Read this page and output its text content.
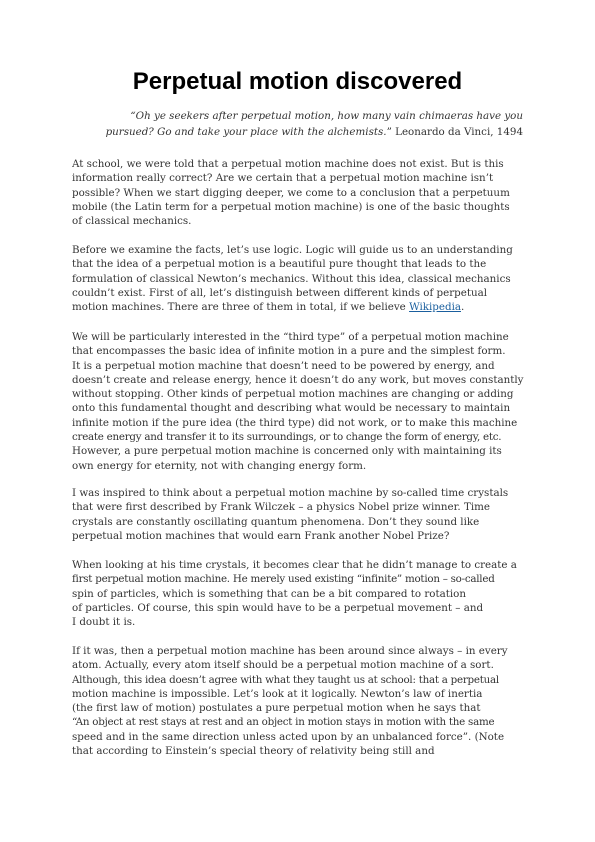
Perpetual motion discovered

“Oh ye seekers after perpetual motion, how many vain chimaeras have you
pursued? Go and take your place with the alchemists.” Leonardo da Vinci, 1494

At school, we were told that a perpetual motion machine does not exist. But is this
information really correct? Are we certain that a perpetual motion machine isn’t
possible? When we start digging deeper, we come to a conclusion that a perpetuum
mobile (the Latin term for a perpetual motion machine) is one of the basic thoughts
of classical mechanics.

Before we examine the facts, let’s use logic. Logic will guide us to an understanding
that the idea of a perpetual motion is a beautiful pure thought that leads to the
formulation of classical Newton’s mechanics. Without this idea, classical mechanics
couldn’t exist. First of all, let’s distinguish between different kinds of perpetual
motion machines. There are three of them in total, if we believe Wikipedia.

We will be particularly interested in the “third type” of a perpetual motion machine
that encompasses the basic idea of infinite motion in a pure and the simplest form.
It is a perpetual motion machine that doesn’t need to be powered by energy, and
doesn’t create and release energy, hence it doesn’t do any work, but moves constantly
without stopping. Other kinds of perpetual motion machines are changing or adding
onto this fundamental thought and describing what would be necessary to maintain
infinite motion if the pure idea (the third type) did not work, or to make this machine
create energy and transfer it to its surroundings, or to change the form of energy, etc.
However, a pure perpetual motion machine is concerned only with maintaining its
own energy for eternity, not with changing energy form.

I was inspired to think about a perpetual motion machine by so-called time crystals
that were first described by Frank Wilczek – a physics Nobel prize winner. Time
crystals are constantly oscillating quantum phenomena. Don’t they sound like
perpetual motion machines that would earn Frank another Nobel Prize?

When looking at his time crystals, it becomes clear that he didn’t manage to create a
first perpetual motion machine. He merely used existing “infinite” motion – so-called
spin of particles, which is something that can be a bit compared to rotation
of particles. Of course, this spin would have to be a perpetual movement – and
I doubt it is.

If it was, then a perpetual motion machine has been around since always – in every
atom. Actually, every atom itself should be a perpetual motion machine of a sort.
Although, this idea doesn’t agree with what they taught us at school: that a perpetual
motion machine is impossible. Let’s look at it logically. Newton’s law of inertia
(the first law of motion) postulates a pure perpetual motion when he says that
“An object at rest stays at rest and an object in motion stays in motion with the same
speed and in the same direction unless acted upon by an unbalanced force”. (Note
that according to Einstein’s special theory of relativity being still and
